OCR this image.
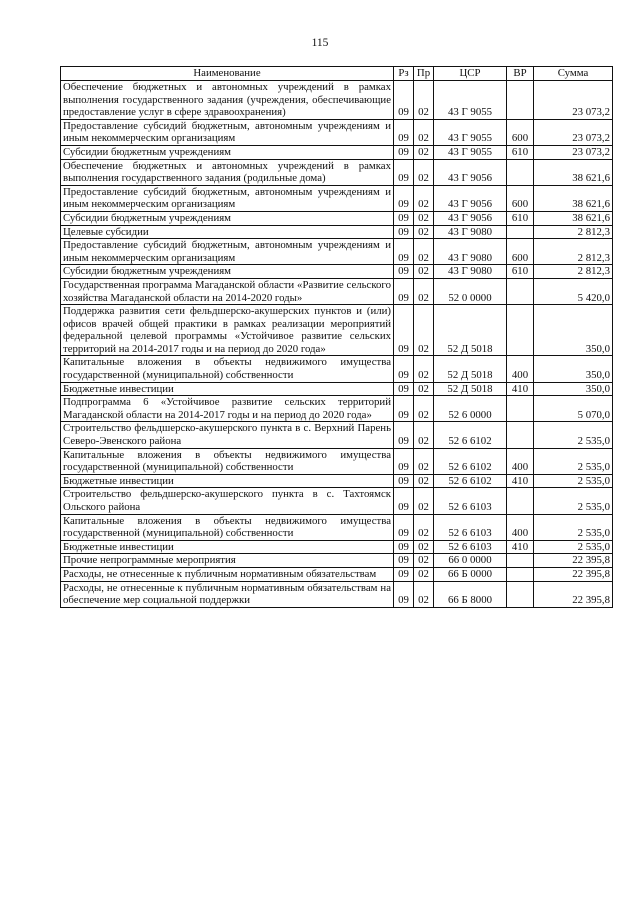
115
Наименование	Рз	Пр	ЦСР	ВР	Сумма
Обеспечение бюджетных и автономных учреждений в рамках выполнения государственного задания (учреждения, обеспечивающие предоставление услуг в сфере здравоохранения)	09	02	43 Г 9055		23 073,2
Предоставление субсидий бюджетным, автономным учреждениям и иным некоммерческим организациям	09	02	43 Г 9055	600	23 073,2
Субсидии бюджетным учреждениям	09	02	43 Г 9055	610	23 073,2
Обеспечение бюджетных и автономных учреждений в рамках выполнения государственного задания (родильные дома)	09	02	43 Г 9056		38 621,6
Предоставление субсидий бюджетным, автономным учреждениям и иным некоммерческим организациям	09	02	43 Г 9056	600	38 621,6
Субсидии бюджетным учреждениям	09	02	43 Г 9056	610	38 621,6
Целевые субсидии	09	02	43 Г 9080		2 812,3
Предоставление субсидий бюджетным, автономным учреждениям и иным некоммерческим организациям	09	02	43 Г 9080	600	2 812,3
Субсидии бюджетным учреждениям	09	02	43 Г 9080	610	2 812,3
Государственная программа Магаданской области «Развитие сельского хозяйства Магаданской области на 2014-2020 годы»	09	02	52 0 0000		5 420,0
Поддержка развития сети фельдшерско-акушерских пунктов и (или) офисов врачей общей практики в рамках реализации мероприятий федеральной целевой программы «Устойчивое развитие сельских территорий на 2014-2017 годы и на период до 2020 года»	09	02	52 Д 5018		350,0
Капитальные вложения в объекты недвижимого имущества государственной (муниципальной) собственности	09	02	52 Д 5018	400	350,0
Бюджетные инвестиции	09	02	52 Д 5018	410	350,0
Подпрограмма 6 «Устойчивое развитие сельских территорий Магаданской области на 2014-2017 годы и на период до 2020 года»	09	02	52 6 0000		5 070,0
Строительство фельдшерско-акушерского пункта в с. Верхний Парень Северо-Эвенского района	09	02	52 6 6102		2 535,0
Капитальные вложения в объекты недвижимого имущества государственной (муниципальной) собственности	09	02	52 6 6102	400	2 535,0
Бюджетные инвестиции	09	02	52 6 6102	410	2 535,0
Строительство фельдшерско-акушерского пункта в с. Тахтоямск Ольского района	09	02	52 6 6103		2 535,0
Капитальные вложения в объекты недвижимого имущества государственной (муниципальной) собственности	09	02	52 6 6103	400	2 535,0
Бюджетные инвестиции	09	02	52 6 6103	410	2 535,0
Прочие непрограммные мероприятия	09	02	66 0 0000		22 395,8
Расходы, не отнесенные к публичным нормативным обязательствам	09	02	66 Б 0000		22 395,8
Расходы, не отнесенные к публичным нормативным обязательствам на обеспечение мер социальной поддержки	09	02	66 Б 8000		22 395,8
